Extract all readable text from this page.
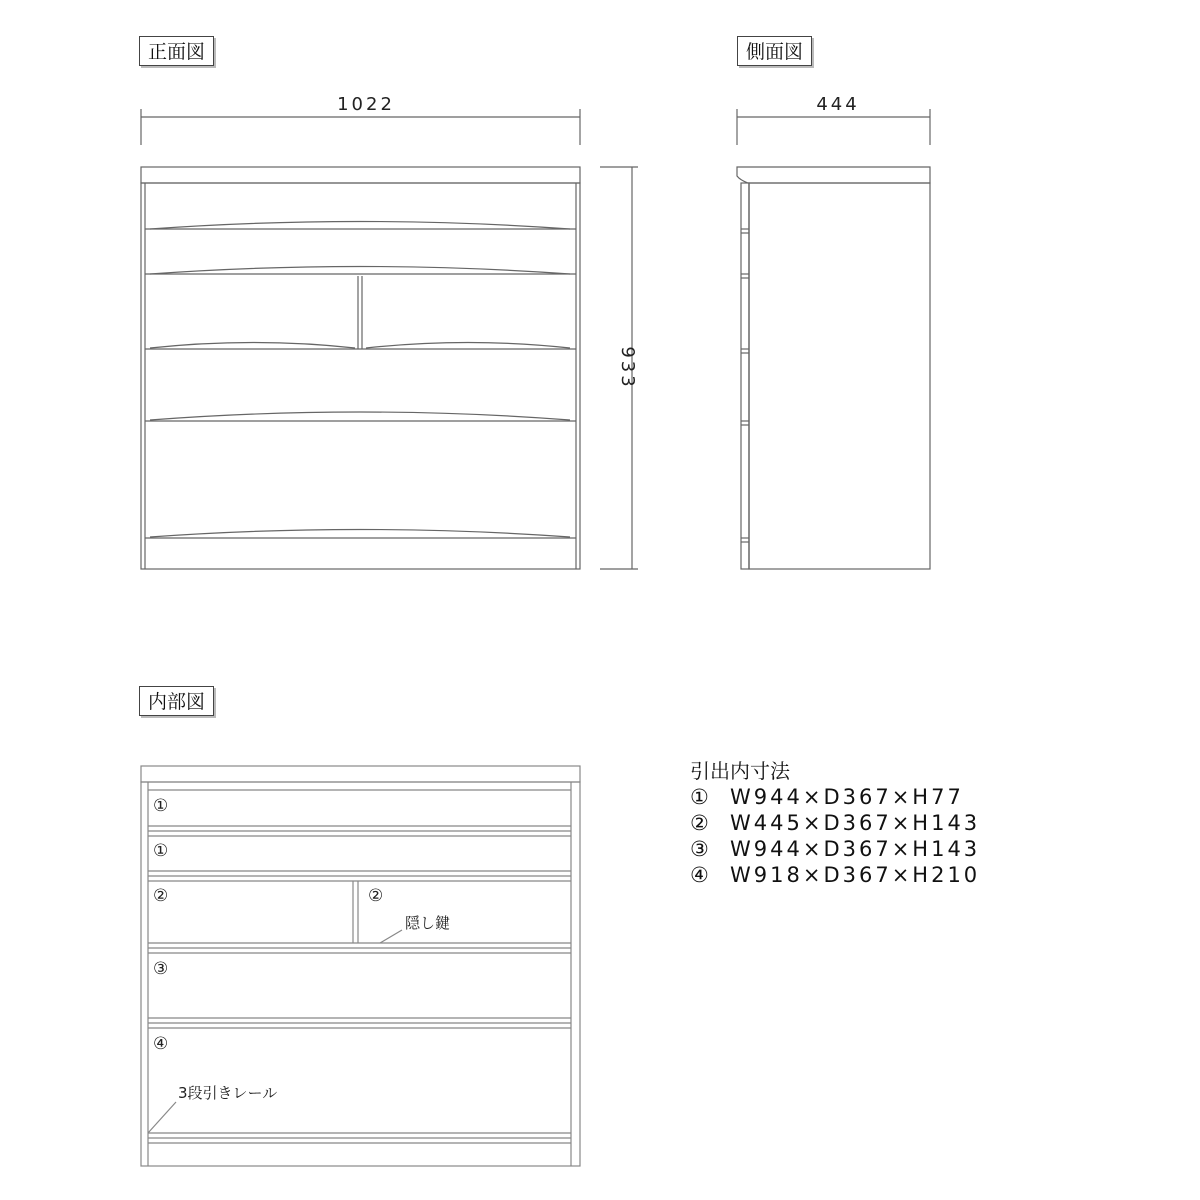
正面図	側面図
内部図
1022	444
933
①
①
②	②
③
④
隠し鍵
3段引きレール
引出内寸法
① W944×D367×H77
② W445×D367×H143
③ W944×D367×H143
④ W918×D367×H210
